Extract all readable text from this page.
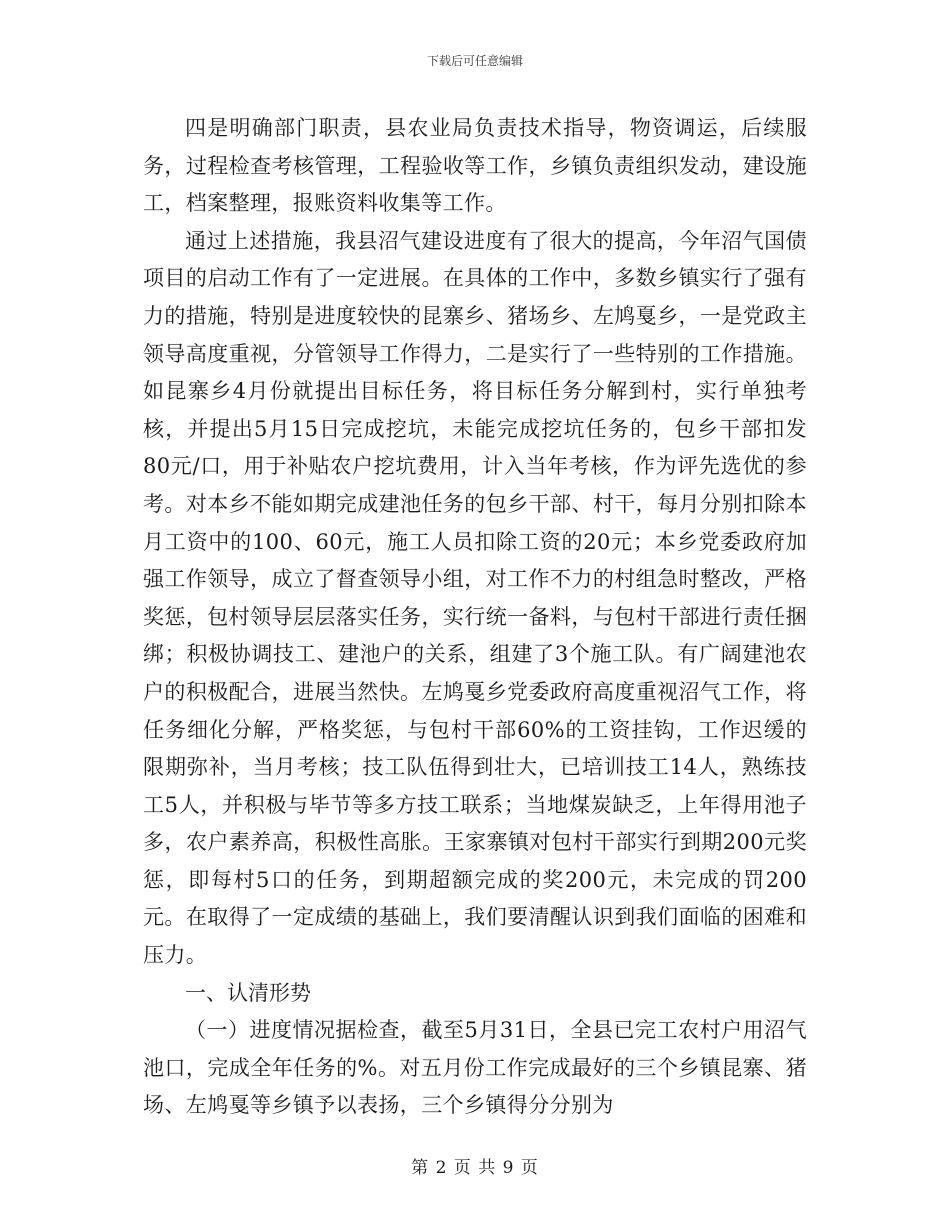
下载后可任意编辑

四是明确部门职责，县农业局负责技术指导，物资调运，后续服务，过程检查考核管理，工程验收等工作，乡镇负责组织发动，建设施工，档案整理，报账资料收集等工作。

通过上述措施，我县沼气建设进度有了很大的提高，今年沼气国债项目的启动工作有了一定进展。在具体的工作中，多数乡镇实行了强有力的措施，特别是进度较快的昆寨乡、猪场乡、左鸠戛乡，一是党政主领导高度重视，分管领导工作得力，二是实行了一些特别的工作措施。如昆寨乡4月份就提出目标任务，将目标任务分解到村，实行单独考核，并提出5月15日完成挖坑，未能完成挖坑任务的，包乡干部扣发80元/口，用于补贴农户挖坑费用，计入当年考核，作为评先选优的参考。对本乡不能如期完成建池任务的包乡干部、村干，每月分别扣除本月工资中的100、60元，施工人员扣除工资的20元；本乡党委政府加强工作领导，成立了督查领导小组，对工作不力的村组急时整改，严格奖惩，包村领导层层落实任务，实行统一备料，与包村干部进行责任捆绑；积极协调技工、建池户的关系，组建了3个施工队。有广阔建池农户的积极配合，进展当然快。左鸠戛乡党委政府高度重视沼气工作，将任务细化分解，严格奖惩，与包村干部60%的工资挂钩，工作迟缓的限期弥补，当月考核；技工队伍得到壮大，已培训技工14人，熟练技工5人，并积极与毕节等多方技工联系；当地煤炭缺乏，上年得用池子多，农户素养高，积极性高胀。王家寨镇对包村干部实行到期200元奖惩，即每村5口的任务，到期超额完成的奖200元，未完成的罚200元。在取得了一定成绩的基础上，我们要清醒认识到我们面临的困难和压力。

一、认清形势

（一）进度情况据检查，截至5月31日，全县已完工农村户用沼气池口，完成全年任务的%。对五月份工作完成最好的三个乡镇昆寨、猪场、左鸠戛等乡镇予以表扬，三个乡镇得分分别为

第 2 页 共 9 页
